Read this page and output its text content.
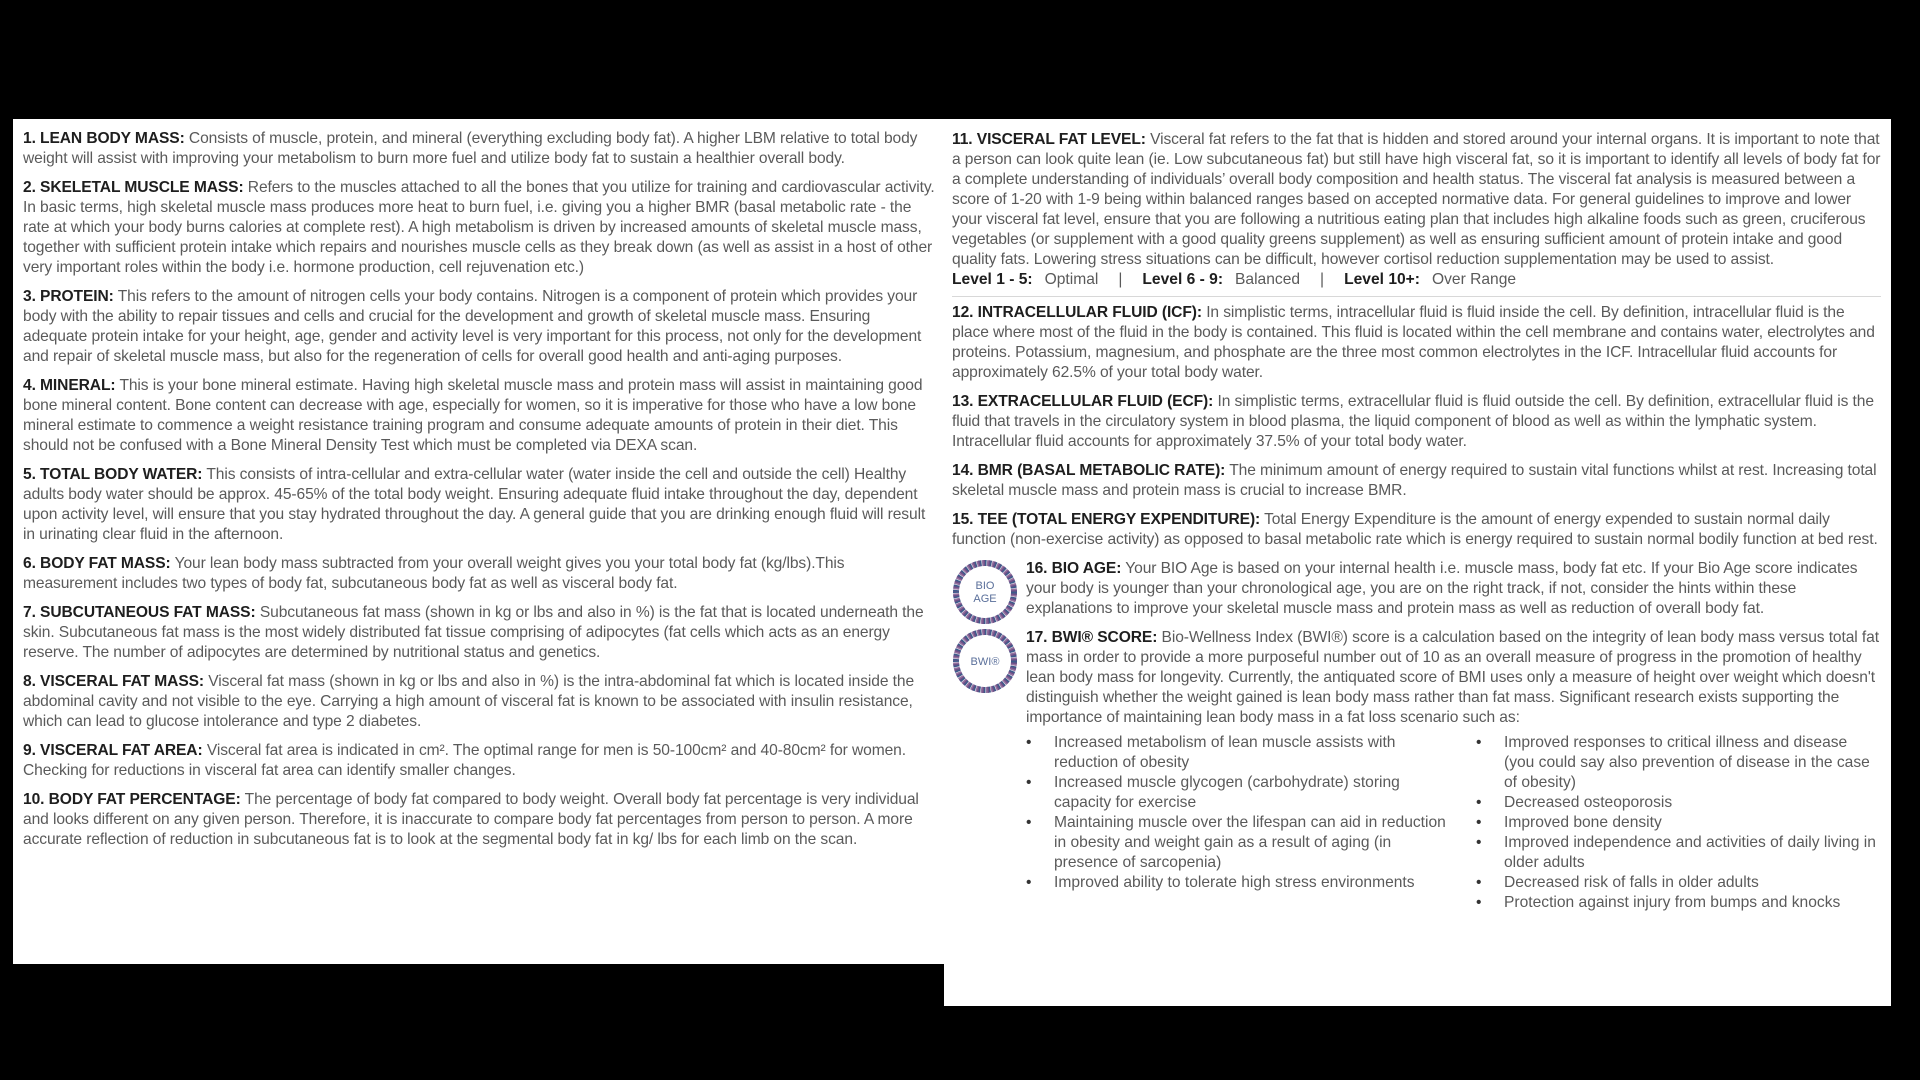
1. LEAN BODY MASS: Consists of muscle, protein, and mineral (everything excluding body fat). A higher LBM relative to total body weight will assist with improving your metabolism to burn more fuel and utilize body fat to sustain a healthier overall body.
2. SKELETAL MUSCLE MASS: Refers to the muscles attached to all the bones that you utilize for training and cardiovascular activity. In basic terms, high skeletal muscle mass produces more heat to burn fuel, i.e. giving you a higher BMR (basal metabolic rate - the rate at which your body burns calories at complete rest). A high metabolism is driven by increased amounts of skeletal muscle mass, together with sufficient protein intake which repairs and nourishes muscle cells as they break down (as well as assist in a host of other very important roles within the body i.e. hormone production, cell rejuvenation etc.)
3. PROTEIN: This refers to the amount of nitrogen cells your body contains. Nitrogen is a component of protein which provides your body with the ability to repair tissues and cells and crucial for the development and growth of skeletal muscle mass. Ensuring adequate protein intake for your height, age, gender and activity level is very important for this process, not only for the development and repair of skeletal muscle mass, but also for the regeneration of cells for overall good health and anti-aging purposes.
4. MINERAL: This is your bone mineral estimate. Having high skeletal muscle mass and protein mass will assist in maintaining good bone mineral content. Bone content can decrease with age, especially for women, so it is imperative for those who have a low bone mineral estimate to commence a weight resistance training program and consume adequate amounts of protein in their diet. This should not be confused with a Bone Mineral Density Test which must be completed via DEXA scan.
5. TOTAL BODY WATER: This consists of intra-cellular and extra-cellular water (water inside the cell and outside the cell) Healthy adults body water should be approx. 45-65% of the total body weight. Ensuring adequate fluid intake throughout the day, dependent upon activity level, will ensure that you stay hydrated throughout the day. A general guide that you are drinking enough fluid will result in urinating clear fluid in the afternoon.
6. BODY FAT MASS: Your lean body mass subtracted from your overall weight gives you your total body fat (kg/lbs).This measurement includes two types of body fat, subcutaneous body fat as well as visceral body fat.
7. SUBCUTANEOUS FAT MASS: Subcutaneous fat mass (shown in kg or lbs and also in %) is the fat that is located underneath the skin. Subcutaneous fat mass is the most widely distributed fat tissue comprising of adipocytes (fat cells which acts as an energy reserve. The number of adipocytes are determined by nutritional status and genetics.
8. VISCERAL FAT MASS: Visceral fat mass (shown in kg or lbs and also in %) is the intra-abdominal fat which is located inside the abdominal cavity and not visible to the eye. Carrying a high amount of visceral fat is known to be associated with insulin resistance, which can lead to glucose intolerance and type 2 diabetes.
9. VISCERAL FAT AREA: Visceral fat area is indicated in cm². The optimal range for men is 50-100cm² and 40-80cm² for women. Checking for reductions in visceral fat area can identify smaller changes.
10. BODY FAT PERCENTAGE: The percentage of body fat compared to body weight. Overall body fat percentage is very individual and looks different on any given person. Therefore, it is inaccurate to compare body fat percentages from person to person. A more accurate reflection of reduction in subcutaneous fat is to look at the segmental body fat in kg/ lbs for each limb on the scan.
11. VISCERAL FAT LEVEL: Visceral fat refers to the fat that is hidden and stored around your internal organs. It is important to note that a person can look quite lean (ie. Low subcutaneous fat) but still have high visceral fat, so it is important to identify all levels of body fat for a complete understanding of individuals’ overall body composition and health status. The visceral fat analysis is measured between a score of 1-20 with 1-9 being within balanced ranges based on accepted normative data. For general guidelines to improve and lower your visceral fat level, ensure that you are following a nutritious eating plan that includes high alkaline foods such as green, cruciferous vegetables (or supplement with a good quality greens supplement) as well as ensuring sufficient amount of protein intake and good quality fats. Lowering stress situations can be difficult, however cortisol reduction supplementation may be used to assist.
Level 1 - 5: Optimal | Level 6 - 9: Balanced | Level 10+: Over Range
12. INTRACELLULAR FLUID (ICF): In simplistic terms, intracellular fluid is fluid inside the cell. By definition, intracellular fluid is the place where most of the fluid in the body is contained. This fluid is located within the cell membrane and contains water, electrolytes and proteins. Potassium, magnesium, and phosphate are the three most common electrolytes in the ICF. Intracellular fluid accounts for approximately 62.5% of your total body water.
13. EXTRACELLULAR FLUID (ECF): In simplistic terms, extracellular fluid is fluid outside the cell. By definition, extracellular fluid is the fluid that travels in the circulatory system in blood plasma, the liquid component of blood as well as within the lymphatic system. Intracellular fluid accounts for approximately 37.5% of your total body water.
14. BMR (BASAL METABOLIC RATE): The minimum amount of energy required to sustain vital functions whilst at rest. Increasing total skeletal muscle mass and protein mass is crucial to increase BMR.
15. TEE (TOTAL ENERGY EXPENDITURE): Total Energy Expenditure is the amount of energy expended to sustain normal daily function (non-exercise activity) as opposed to basal metabolic rate which is energy required to sustain normal bodily function at bed rest.
BIO
AGE
16. BIO AGE: Your BIO Age is based on your internal health i.e. muscle mass, body fat etc. If your Bio Age score indicates your body is younger than your chronological age, you are on the right track, if not, consider the hints within these explanations to improve your skeletal muscle mass and protein mass as well as reduction of overall body fat.
BWI®
17. BWI® SCORE: Bio-Wellness Index (BWI®) score is a calculation based on the integrity of lean body mass versus total fat mass in order to provide a more purposeful number out of 10 as an overall measure of progress in the promotion of healthy lean body mass for longevity. Currently, the antiquated score of BMI uses only a measure of height over weight which doesn't distinguish whether the weight gained is lean body mass rather than fat mass. Significant research exists supporting the importance of maintaining lean body mass in a fat loss scenario such as:
• Increased metabolism of lean muscle assists with reduction of obesity
• Increased muscle glycogen (carbohydrate) storing capacity for exercise
• Maintaining muscle over the lifespan can aid in reduction in obesity and weight gain as a result of aging (in presence of sarcopenia)
• Improved ability to tolerate high stress environments
• Improved responses to critical illness and disease (you could say also prevention of disease in the case of obesity)
• Decreased osteoporosis
• Improved bone density
• Improved independence and activities of daily living in older adults
• Decreased risk of falls in older adults
• Protection against injury from bumps and knocks
